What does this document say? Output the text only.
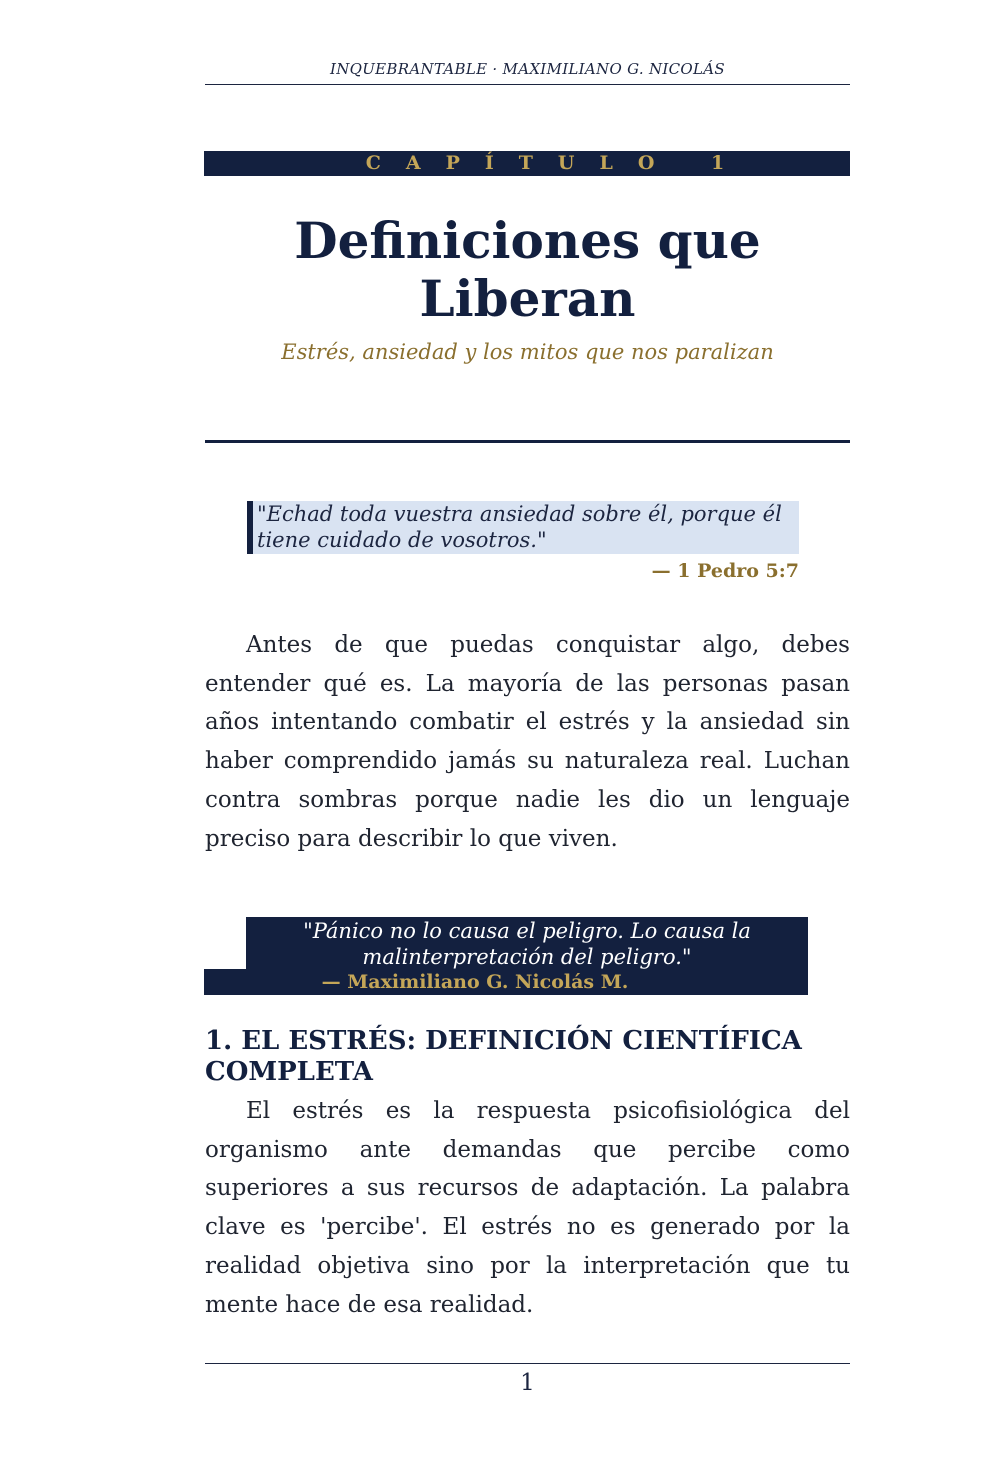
INQUEBRANTABLE · MAXIMILIANO G. NICOLÁS
CAPÍTULO 1
Definiciones que Liberan
Estrés, ansiedad y los mitos que nos paralizan
"Echad toda vuestra ansiedad sobre él, porque él tiene cuidado de vosotros."
— 1 Pedro 5:7
Antes de que puedas conquistar algo, debes entender qué es. La mayoría de las personas pasan años intentando combatir el estrés y la ansiedad sin haber comprendido jamás su naturaleza real. Luchan contra sombras porque nadie les dio un lenguaje preciso para describir lo que viven.
"Pánico no lo causa el peligro. Lo causa la malinterpretación del peligro."
— Maximiliano G. Nicolás M.
1. EL ESTRÉS: DEFINICIÓN CIENTÍFICA COMPLETA
El estrés es la respuesta psicofisiológica del organismo ante demandas que percibe como superiores a sus recursos de adaptación. La palabra clave es 'percibe'. El estrés no es generado por la realidad objetiva sino por la interpretación que tu mente hace de esa realidad.
1
